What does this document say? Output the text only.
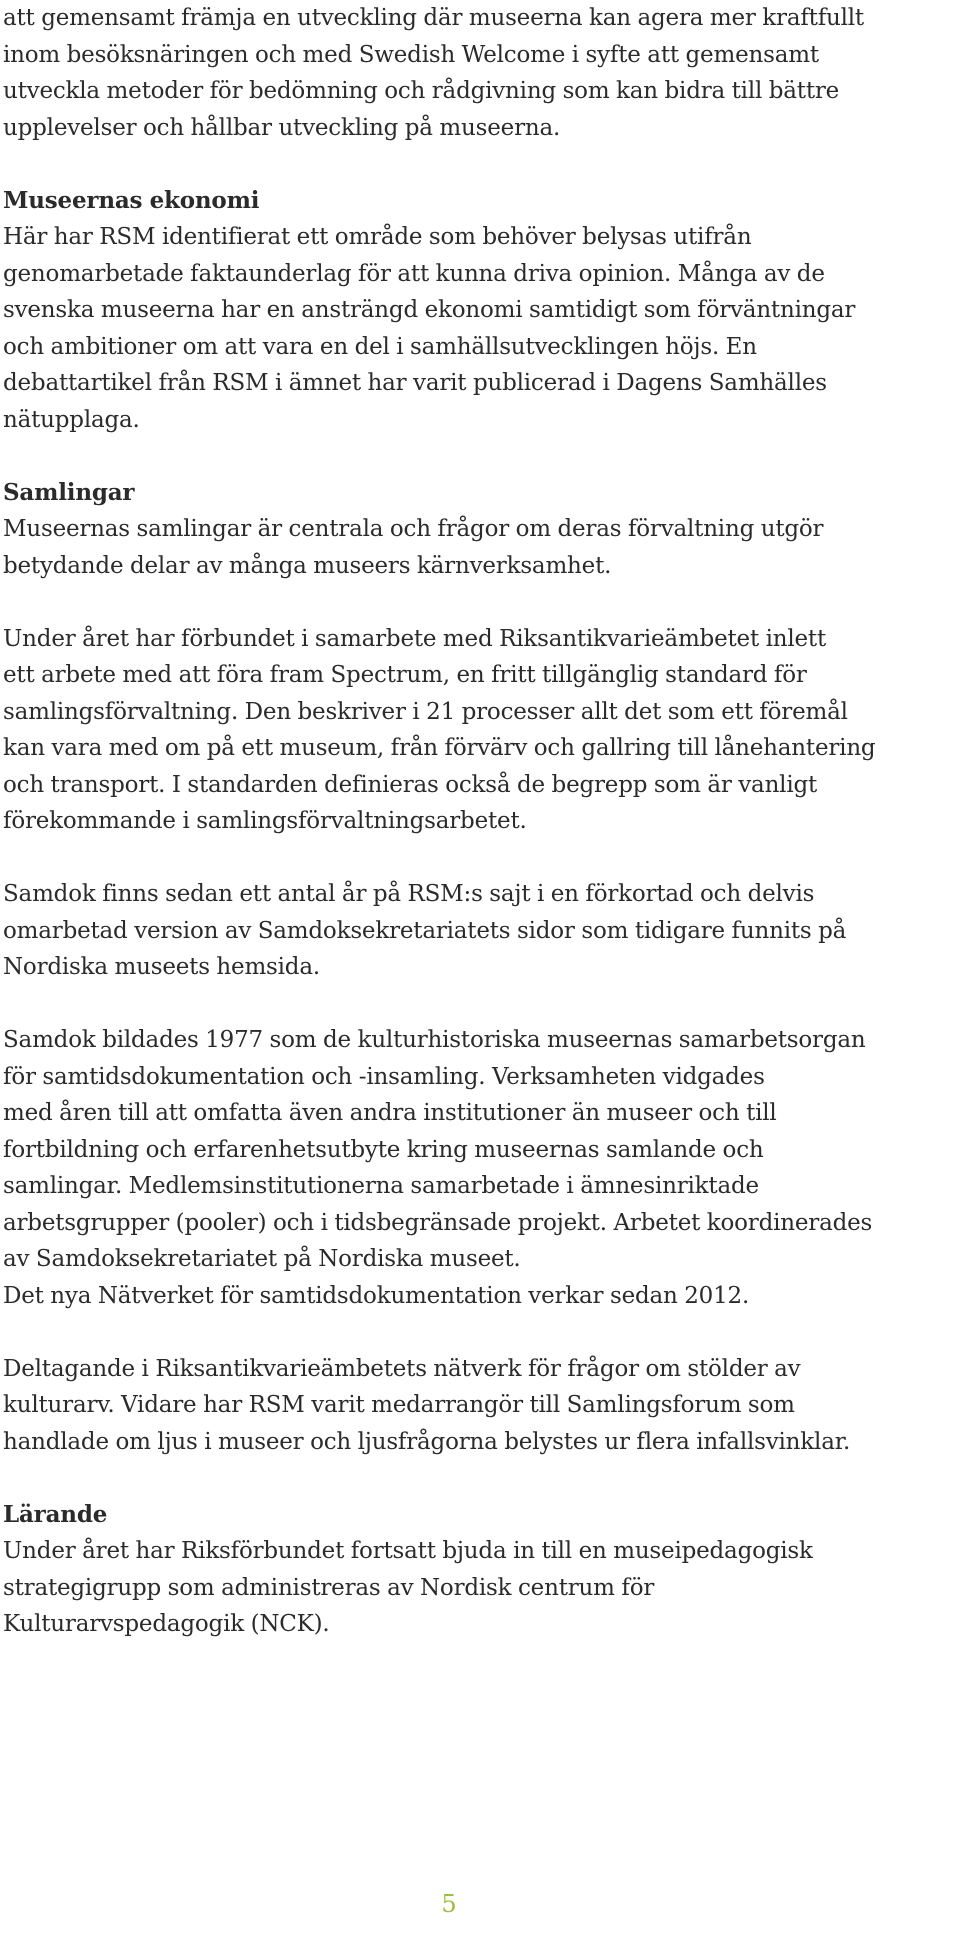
att gemensamt främja en utveckling där museerna kan agera mer kraftfullt
inom besöksnäringen och med Swedish Welcome i syfte att gemensamt
utveckla metoder för bedömning och rådgivning som kan bidra till bättre
upplevelser och hållbar utveckling på museerna.

Museernas ekonomi

Här har RSM identifierat ett område som behöver belysas utifrån
genomarbetade faktaunderlag för att kunna driva opinion. Många av de
svenska museerna har en ansträngd ekonomi samtidigt som förväntningar
och ambitioner om att vara en del i samhällsutvecklingen höjs. En
debattartikel från RSM i ämnet har varit publicerad i Dagens Samhälles
nätupplaga.

Samlingar

Museernas samlingar är centrala och frågor om deras förvaltning utgör
betydande delar av många museers kärnverksamhet.

Under året har förbundet i samarbete med Riksantikvarieämbetet inlett
ett arbete med att föra fram Spectrum, en fritt tillgänglig standard för
samlingsförvaltning. Den beskriver i 21 processer allt det som ett föremål
kan vara med om på ett museum, från förvärv och gallring till lånehantering
och transport. I standarden definieras också de begrepp som är vanligt
förekommande i samlingsförvaltningsarbetet.

Samdok finns sedan ett antal år på RSM:s sajt i en förkortad och delvis
omarbetad version av Samdoksekretariatets sidor som tidigare funnits på
Nordiska museets hemsida.

Samdok bildades 1977 som de kulturhistoriska museernas samarbetsorgan
för samtidsdokumentation och -insamling. Verksamheten vidgades
med åren till att omfatta även andra institutioner än museer och till
fortbildning och erfarenhetsutbyte kring museernas samlande och
samlingar. Medlemsinstitutionerna samarbetade i ämnesinriktade
arbetsgrupper (pooler) och i tidsbegränsade projekt. Arbetet koordinerades
av Samdoksekretariatet på Nordiska museet.
Det nya Nätverket för samtidsdokumentation verkar sedan 2012.

Deltagande i Riksantikvarieämbetets nätverk för frågor om stölder av
kulturarv. Vidare har RSM varit medarrangör till Samlingsforum som
handlade om ljus i museer och ljusfrågorna belystes ur flera infallsvinklar.

Lärande

Under året har Riksförbundet fortsatt bjuda in till en museipedagogisk
strategigrupp som administreras av Nordisk centrum för
Kulturarvspedagogik (NCK).

5
